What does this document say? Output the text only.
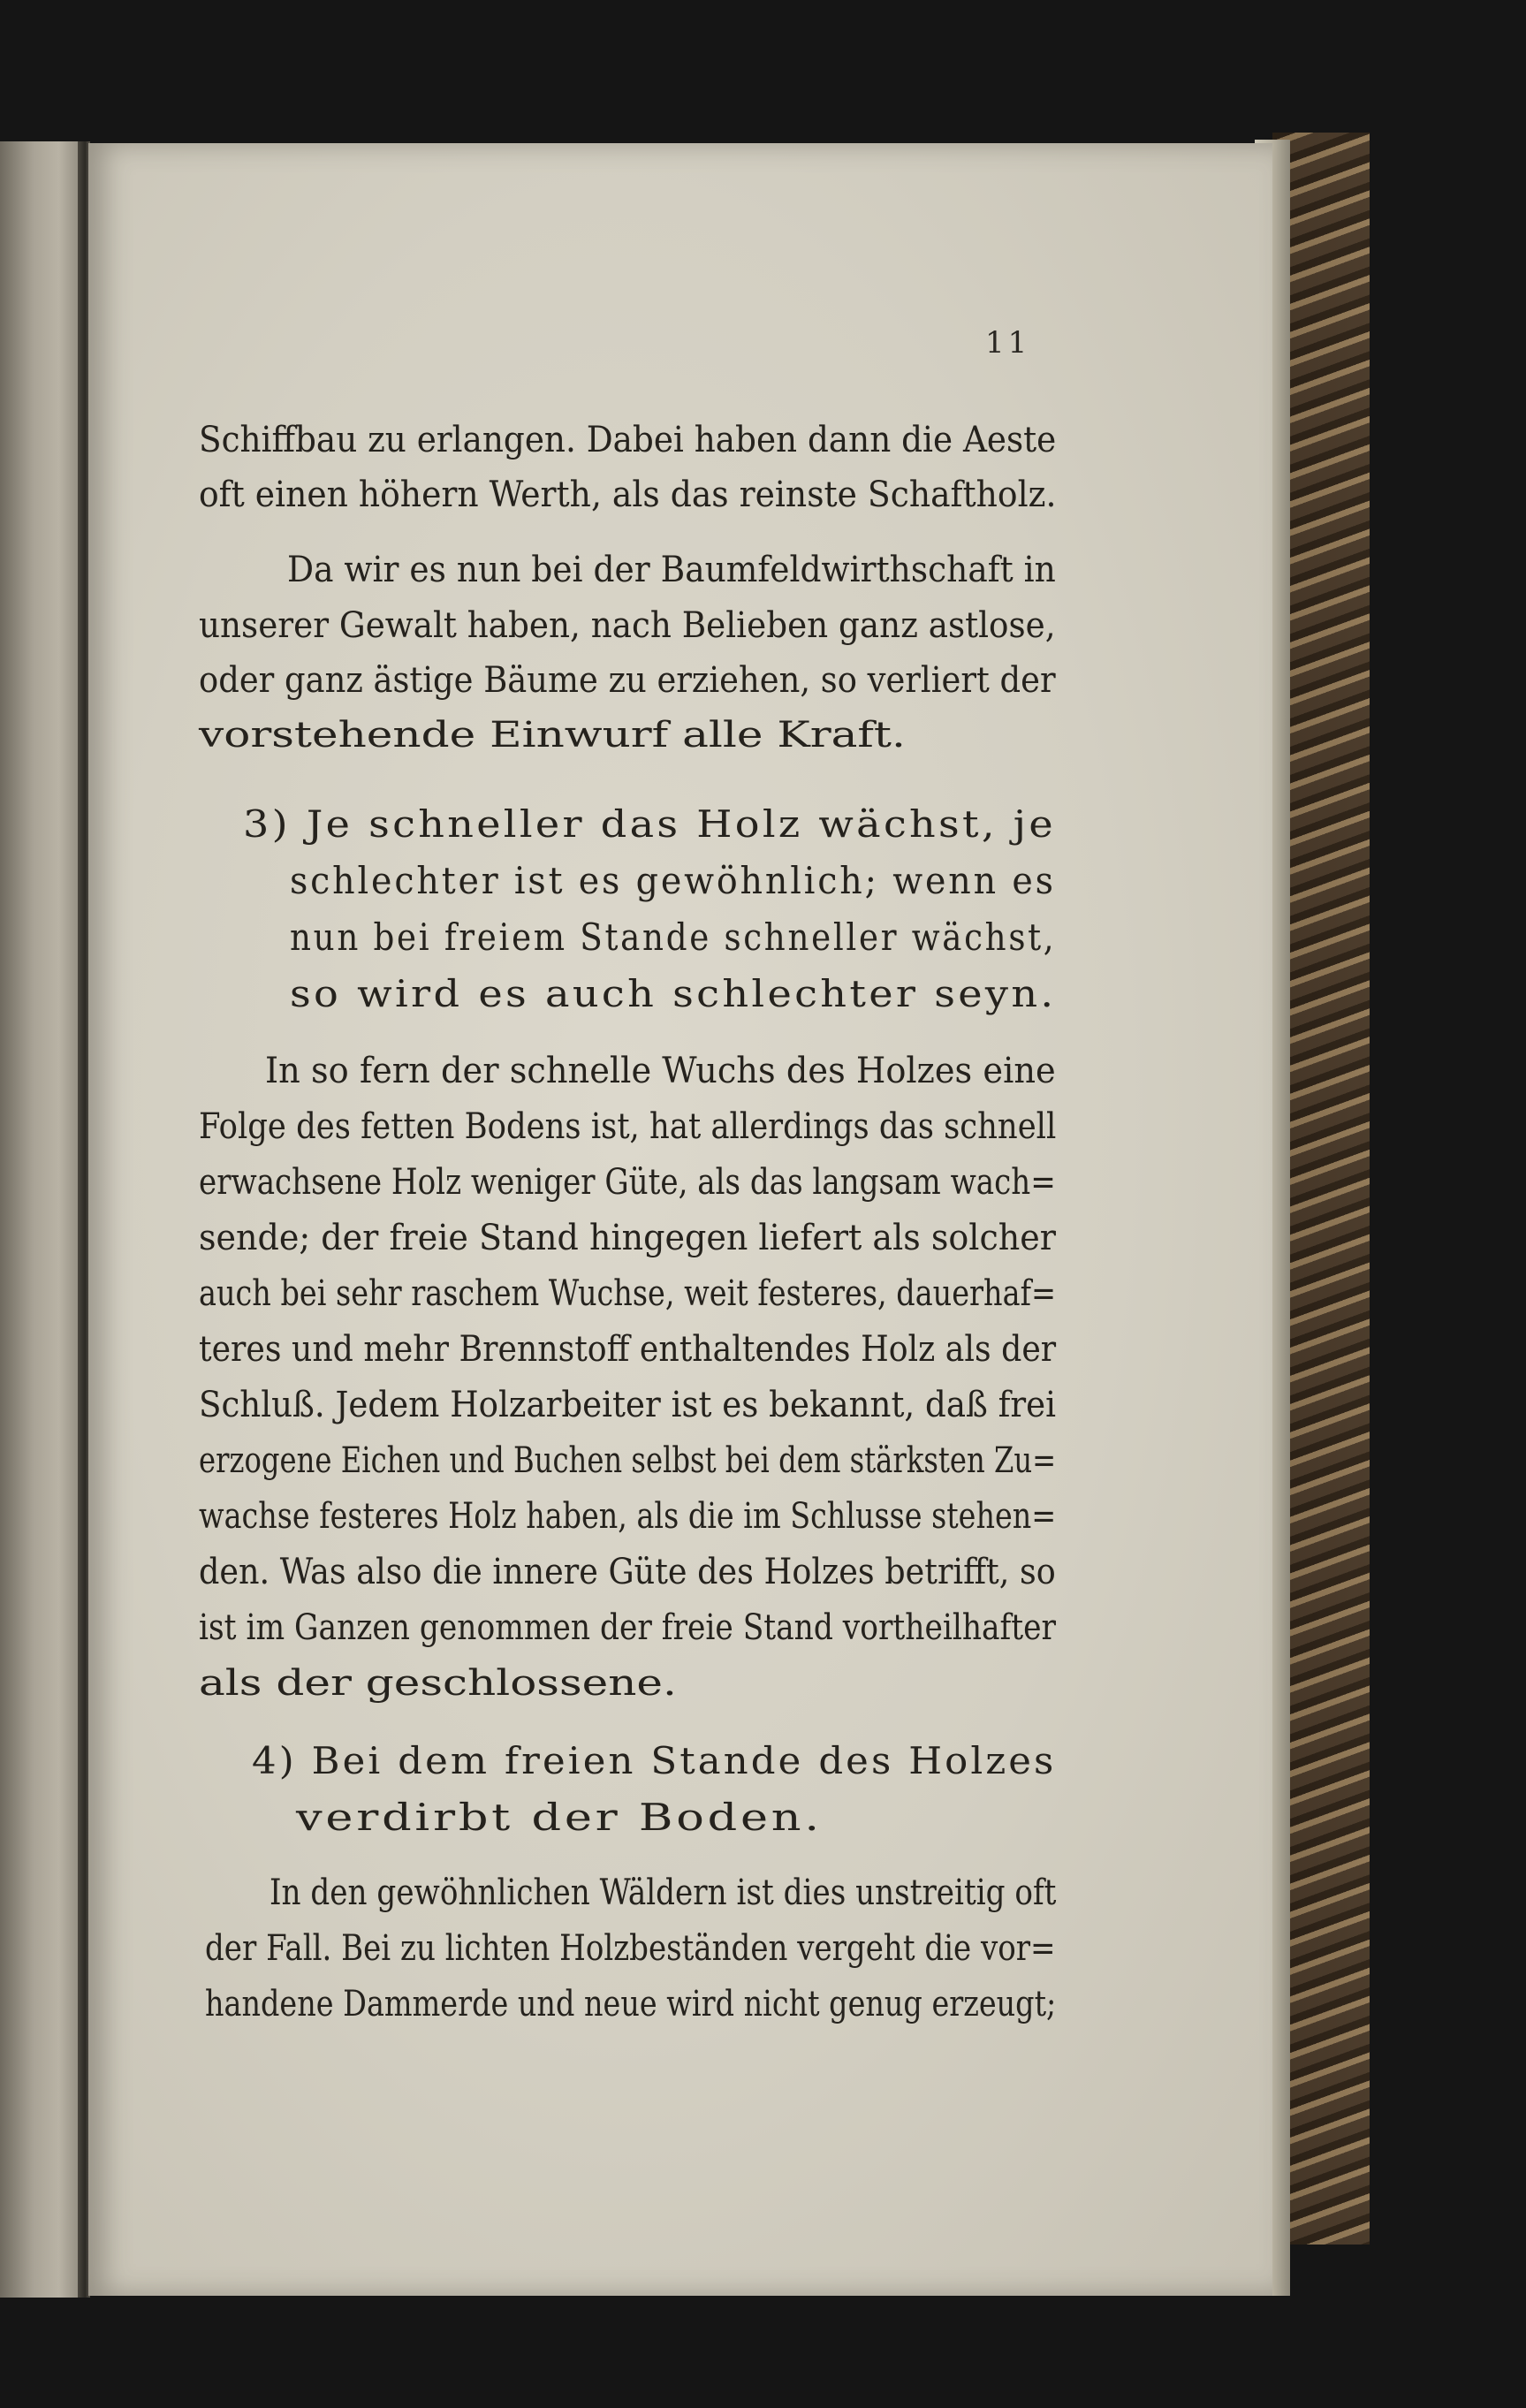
11
Schiffbau zu erlangen. Dabei haben dann die Aeste
oft einen höhern Werth, als das reinste Schaftholz.
Da wir es nun bei der Baumfeldwirthschaft in
unserer Gewalt haben, nach Belieben ganz astlose,
oder ganz ästige Bäume zu erziehen, so verliert der
vorstehende Einwurf alle Kraft.
3) Je schneller das Holz wächst, je
schlechter ist es gewöhnlich; wenn es
nun bei freiem Stande schneller wächst,
so wird es auch schlechter seyn.
In so fern der schnelle Wuchs des Holzes eine
Folge des fetten Bodens ist, hat allerdings das schnell
erwachsene Holz weniger Güte, als das langsam wach=
sende; der freie Stand hingegen liefert als solcher
auch bei sehr raschem Wuchse, weit festeres, dauerhaf=
teres und mehr Brennstoff enthaltendes Holz als der
Schluß. Jedem Holzarbeiter ist es bekannt, daß frei
erzogene Eichen und Buchen selbst bei dem stärksten Zu=
wachse festeres Holz haben, als die im Schlusse stehen=
den. Was also die innere Güte des Holzes betrifft, so
ist im Ganzen genommen der freie Stand vortheilhafter
als der geschlossene.
4) Bei dem freien Stande des Holzes
verdirbt der Boden.
In den gewöhnlichen Wäldern ist dies unstreitig oft
der Fall. Bei zu lichten Holzbeständen vergeht die vor=
handene Dammerde und neue wird nicht genug erzeugt;
